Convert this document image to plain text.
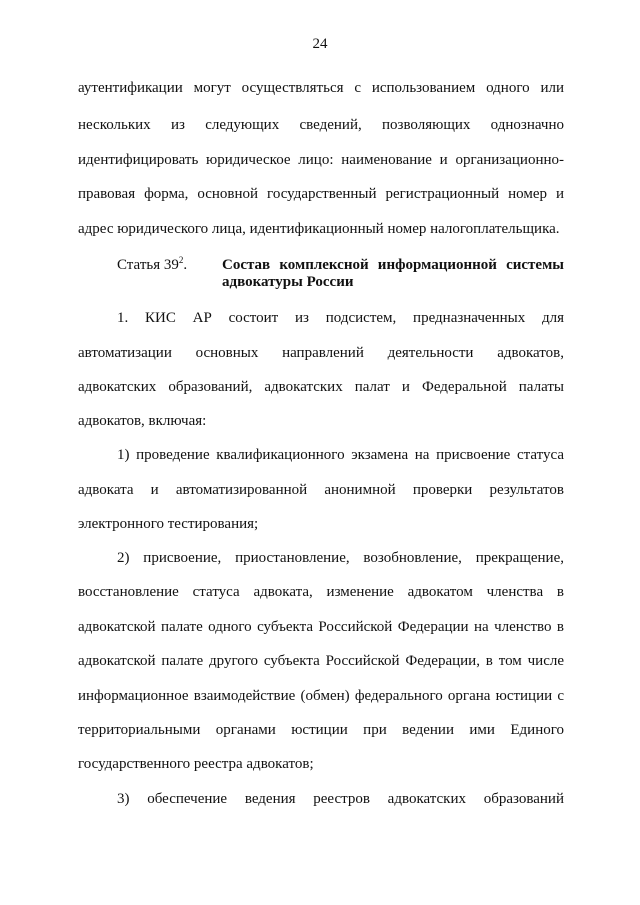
24
аутентификации могут осуществляться с использованием одного или
нескольких из следующих сведений, позволяющих однозначно
идентифицировать юридическое лицо: наименование и организационно-
правовая форма, основной государственный регистрационный номер и
адрес юридического лица, идентификационный номер налогоплательщика.
Статья $39^2$. Состав комплексной информационной системы
адвокатуры России
1. КИС АР состоит из подсистем, предназначенных для
автоматизации основных направлений деятельности адвокатов,
адвокатских образований, адвокатских палат и Федеральной палаты
адвокатов, включая:
1) проведение квалификационного экзамена на присвоение статуса
адвоката и автоматизированной анонимной проверки результатов
электронного тестирования;
2) присвоение, приостановление, возобновление, прекращение,
восстановление статуса адвоката, изменение адвокатом членства в
адвокатской палате одного субъекта Российской Федерации на членство в
адвокатской палате другого субъекта Российской Федерации, в том числе
информационное взаимодействие (обмен) федерального органа юстиции с
территориальными органами юстиции при ведении ими Единого
государственного реестра адвокатов;
3) обеспечение ведения реестров адвокатских образований
